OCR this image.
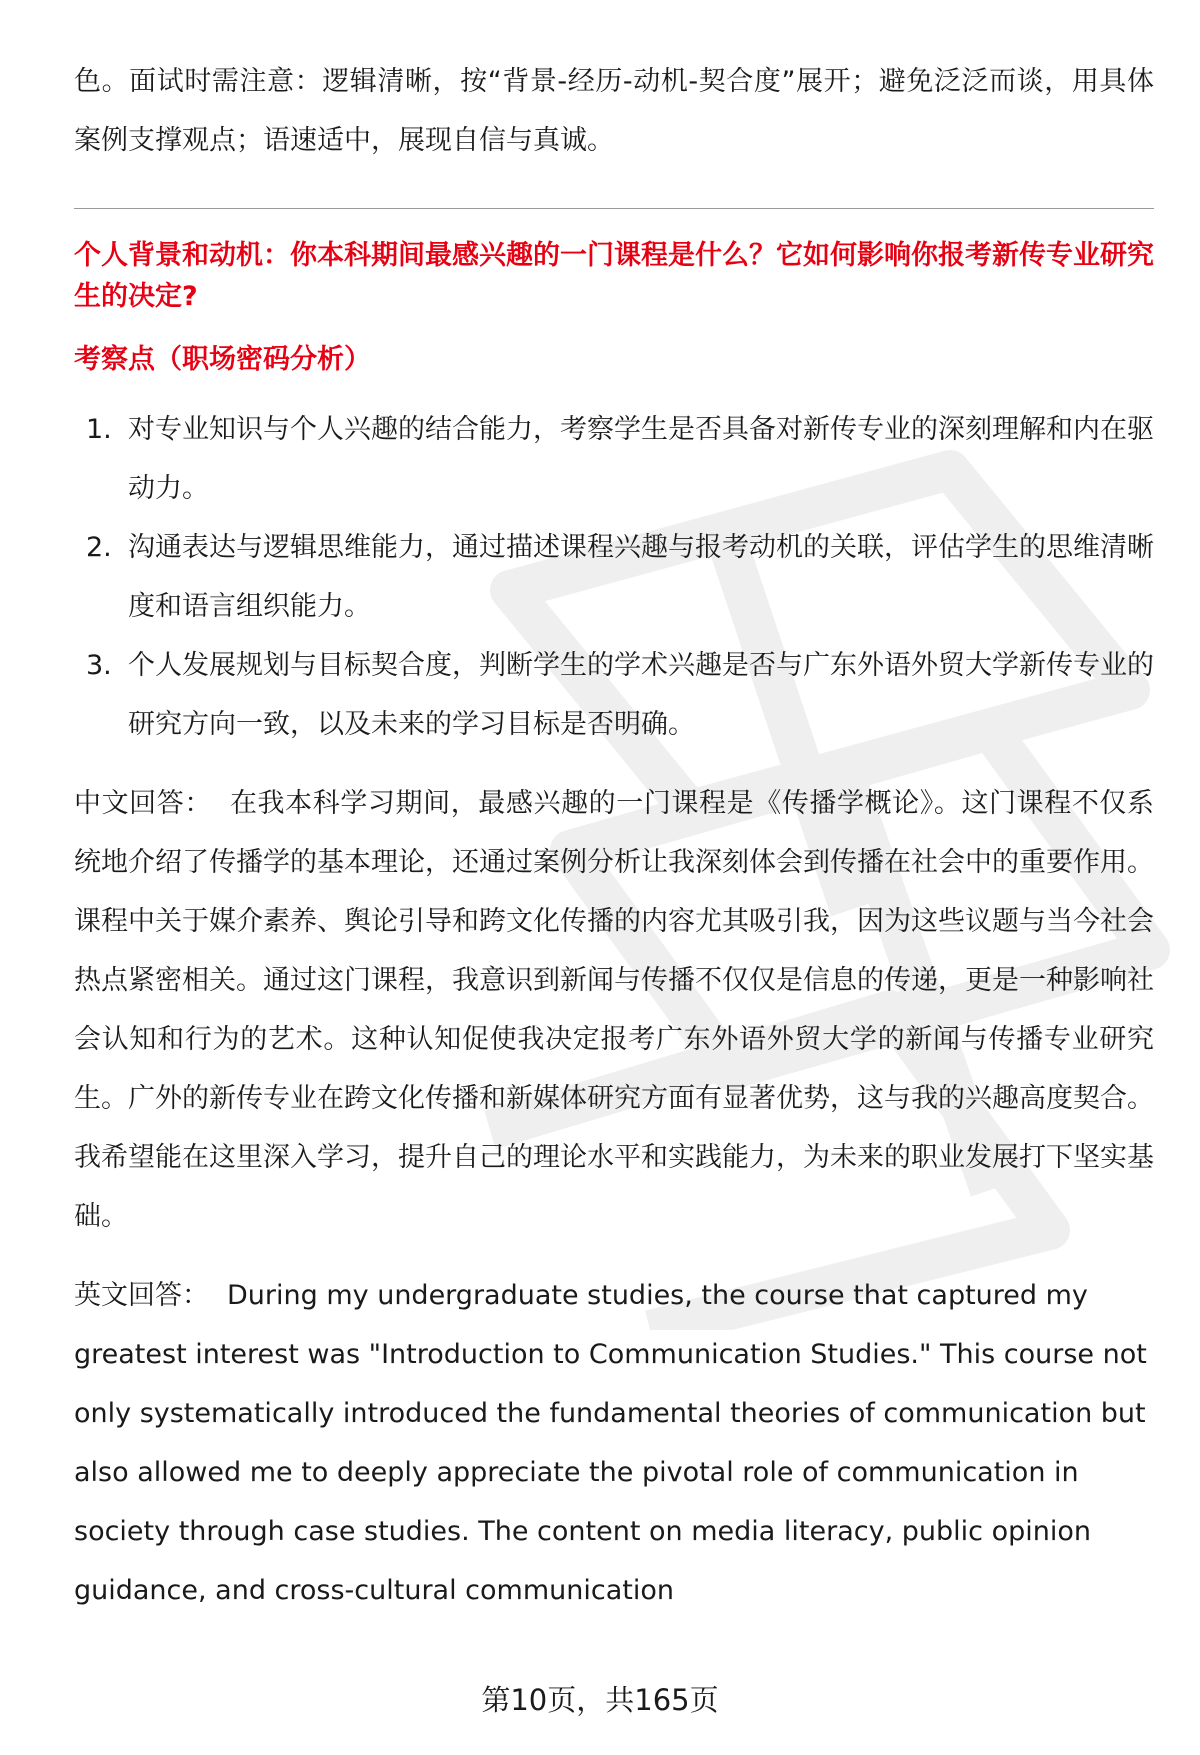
色。面试时需注意：逻辑清晰，按“背景-经历-动机-契合度”展开；避免泛泛而谈，用具体案例支撑观点；语速适中，展现自信与真诚。

个人背景和动机：你本科期间最感兴趣的一门课程是什么？它如何影响你报考新传专业研究生的决定?

考察点（职场密码分析）

1. 对专业知识与个人兴趣的结合能力，考察学生是否具备对新传专业的深刻理解和内在驱动力。
2. 沟通表达与逻辑思维能力，通过描述课程兴趣与报考动机的关联，评估学生的思维清晰度和语言组织能力。
3. 个人发展规划与目标契合度，判断学生的学术兴趣是否与广东外语外贸大学新传专业的研究方向一致，以及未来的学习目标是否明确。

中文回答： 在我本科学习期间，最感兴趣的一门课程是《传播学概论》。这门课程不仅系统地介绍了传播学的基本理论，还通过案例分析让我深刻体会到传播在社会中的重要作用。课程中关于媒介素养、舆论引导和跨文化传播的内容尤其吸引我，因为这些议题与当今社会热点紧密相关。通过这门课程，我意识到新闻与传播不仅仅是信息的传递，更是一种影响社会认知和行为的艺术。这种认知促使我决定报考广东外语外贸大学的新闻与传播专业研究生。广外的新传专业在跨文化传播和新媒体研究方面有显著优势，这与我的兴趣高度契合。我希望能在这里深入学习，提升自己的理论水平和实践能力，为未来的职业发展打下坚实基础。

英文回答： During my undergraduate studies, the course that captured my greatest interest was "Introduction to Communication Studies." This course not only systematically introduced the fundamental theories of communication but also allowed me to deeply appreciate the pivotal role of communication in society through case studies. The content on media literacy, public opinion guidance, and cross-cultural communication

第10页，共165页
